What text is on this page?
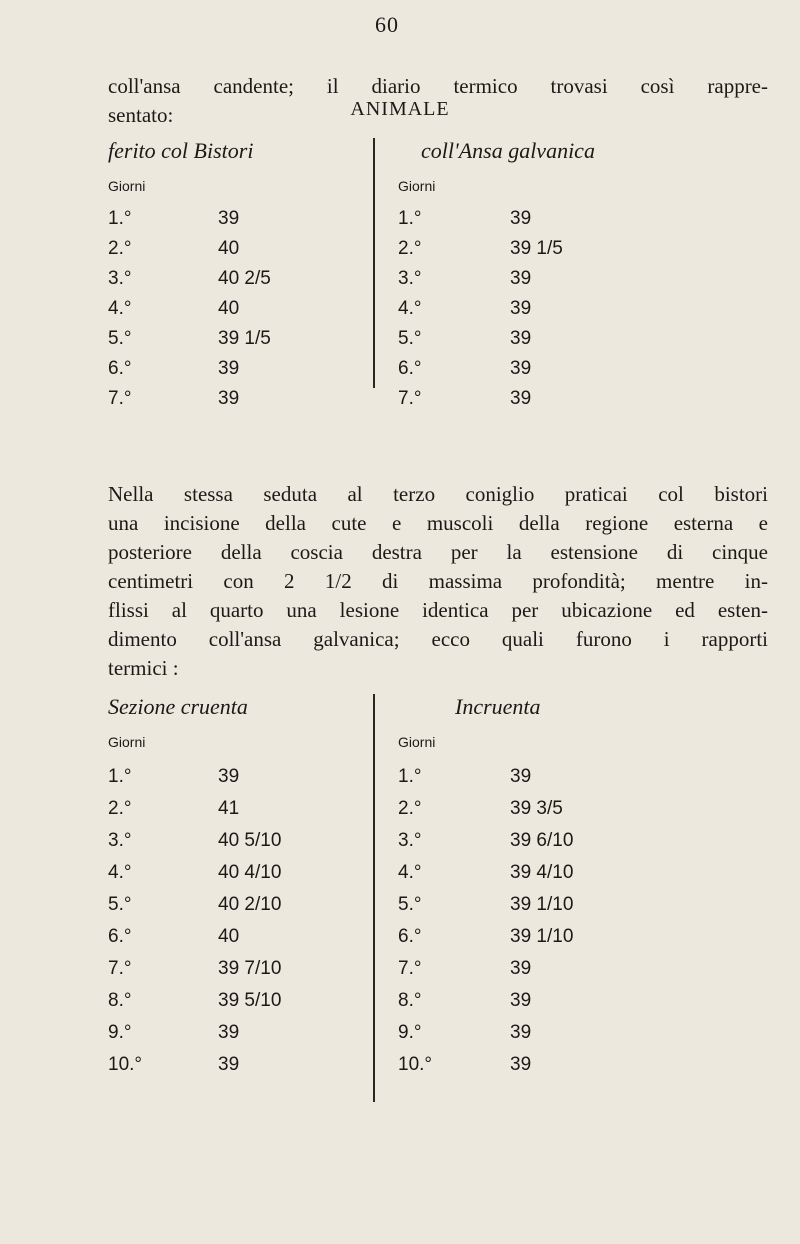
60
coll'ansa candente; il diario termico trovasi così rappre-
sentato:	ANIMALE
ferito col Bistori	coll'Ansa galvanica
Giorni	Giorni
1.°	39	1.°	39
2.°	40	2.°	39 1/5
3.°	40 2/5	3.°	39
4.°	40	4.°	39
5.°	39 1/5	5.°	39
6.°	39	6.°	39
7.°	39	7.°	39
Nella stessa seduta al terzo coniglio praticai col bistori
una incisione della cute e muscoli della regione esterna e
posteriore della coscia destra per la estensione di cinque
centimetri con 2 1/2 di massima profondità; mentre in-
flissi al quarto una lesione identica per ubicazione ed esten-
dimento coll'ansa galvanica; ecco quali furono i rapporti
termici :
Sezione cruenta	Incruenta
Giorni	Giorni
1.°	39	1.°	39
2.°	41	2.°	39 3/5
3.°	40 5/10	3.°	39 6/10
4.°	40 4/10	4.°	39 4/10
5.°	40 2/10	5.°	39 1/10
6.°	40	6.°	39 1/10
7.°	39 7/10	7.°	39
8.°	39 5/10	8.°	39
9.°	39	9.°	39
10.°	39	10.°	39
